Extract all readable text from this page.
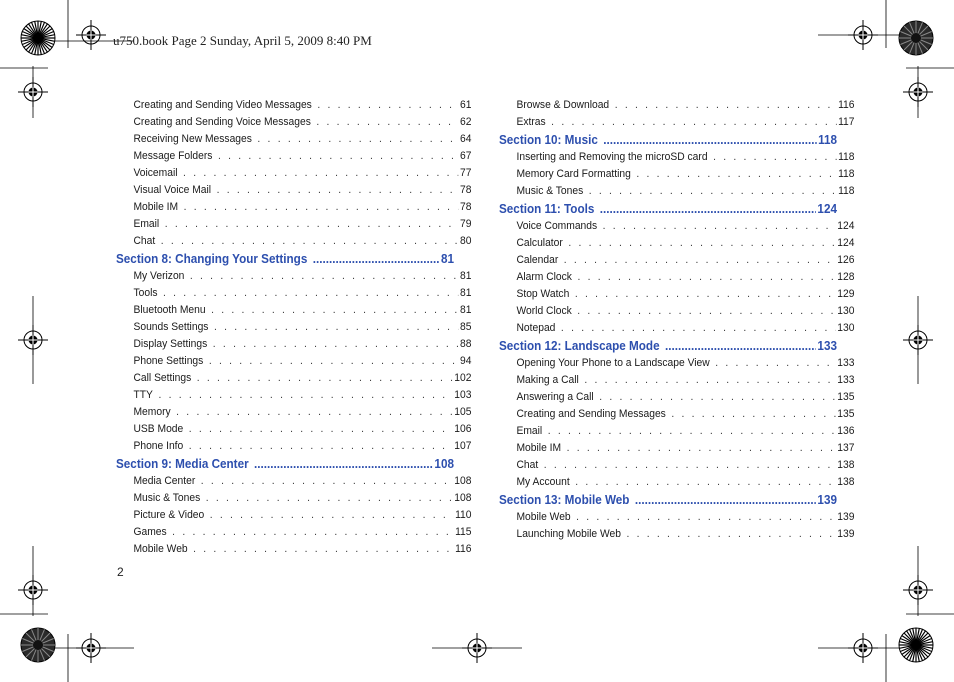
u750.book Page 2 Sunday, April 5, 2009 8:40 PM
Creating and Sending Video Messages . . .	61
Creating and Sending Voice Messages . . .	62
Receiving New Messages . . .	64
Message Folders . . .	67
Voicemail . . .	77
Visual Voice Mail . . .	78
Mobile IM . . .	78
Email . . .	79
Chat . . .	80
Section 8: Changing Your Settings .....	81
My Verizon . . .	81
Tools . . .	81
Bluetooth Menu . . .	81
Sounds Settings . . .	85
Display Settings . . .	88
Phone Settings . . .	94
Call Settings . . .	102
TTY . . .	103
Memory . . .	105
USB Mode . . .	106
Phone Info . . .	107
Section 9: Media Center .....	108
Media Center . . .	108
Music & Tones . . .	108
Picture & Video . . .	110
Games . . .	115
Mobile Web . . .	116
Browse & Download . . .	116
Extras . . .	117
Section 10: Music .....	118
Inserting and Removing the microSD card . . .	118
Memory Card Formatting . . .	118
Music & Tones . . .	118
Section 11: Tools .....	124
Voice Commands . . .	124
Calculator . . .	124
Calendar . . .	126
Alarm Clock . . .	128
Stop Watch . . .	129
World Clock . . .	130
Notepad . . .	130
Section 12: Landscape Mode .....	133
Opening Your Phone to a Landscape View . . .	133
Making a Call . . .	133
Answering a Call . . .	135
Creating and Sending Messages . . .	135
Email . . .	136
Mobile IM . . .	137
Chat . . .	138
My Account . . .	138
Section 13: Mobile Web .....	139
Mobile Web . . .	139
Launching Mobile Web . . .	139
2
